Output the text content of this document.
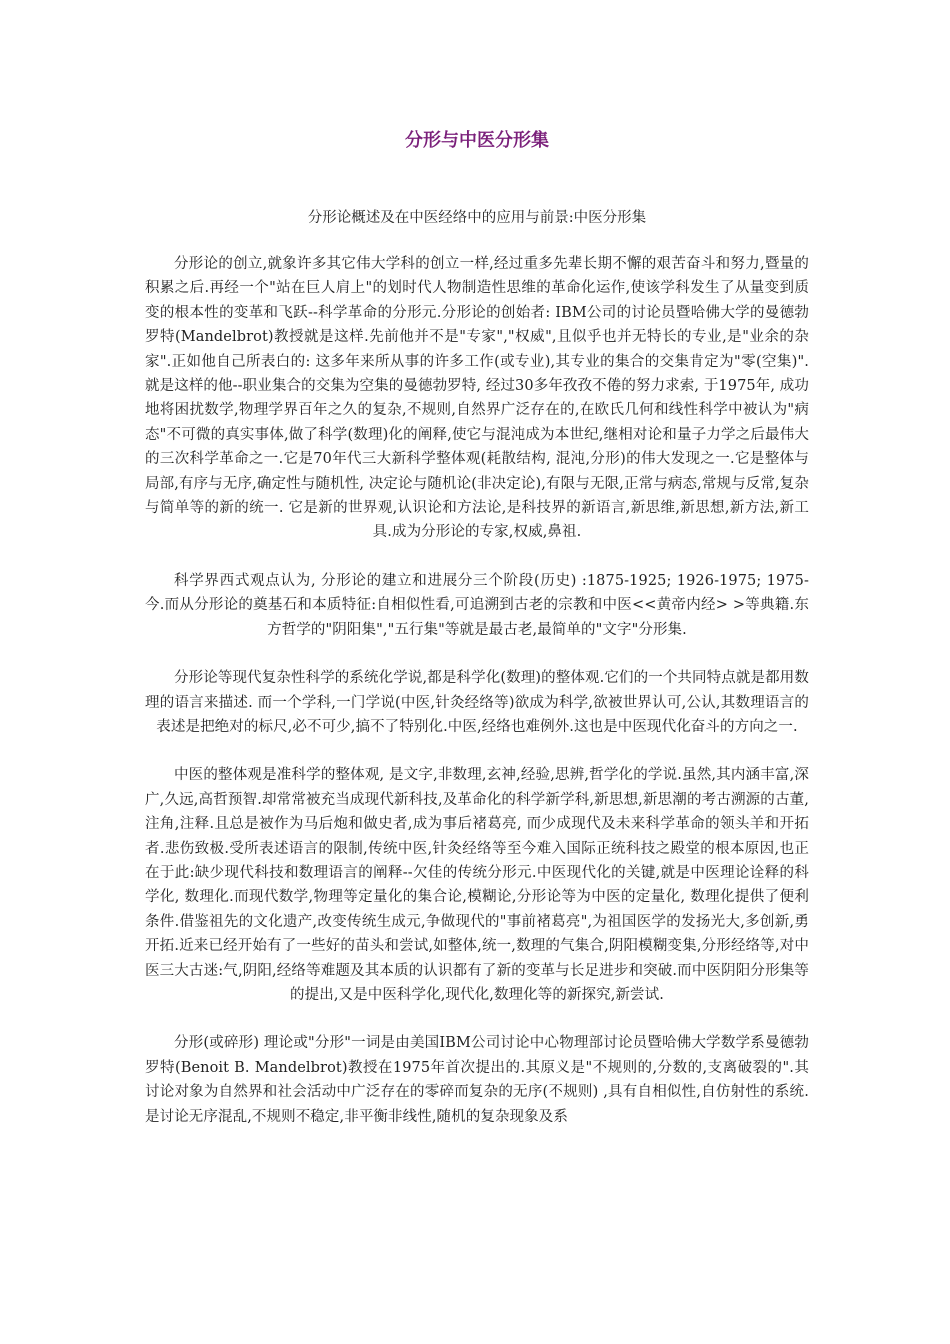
分形与中医分形集

分形论概述及在中医经络中的应用与前景:中医分形集

分形论的创立,就象许多其它伟大学科的创立一样,经过重多先辈长期不懈的艰苦奋斗和努力,暨量的积累之后.再经一个"站在巨人肩上"的划时代人物制造性思维的革命化运作,使该学科发生了从量变到质变的根本性的变革和飞跃--科学革命的分形元.分形论的创始者: IBM公司的讨论员暨哈佛大学的曼德勃罗特(Mandelbrot)教授就是这样.先前他并不是"专家","权威",且似乎也并无特长的专业,是"业余的杂家".正如他自己所表白的: 这多年来所从事的许多工作(或专业),其专业的集合的交集肯定为"零(空集)".就是这样的他--职业集合的交集为空集的曼德勃罗特, 经过30多年孜孜不倦的努力求索, 于1975年, 成功地将困扰数学,物理学界百年之久的复杂,不规则,自然界广泛存在的,在欧氏几何和线性科学中被认为"病态"不可微的真实事体,做了科学(数理)化的阐释,使它与混沌成为本世纪,继相对论和量子力学之后最伟大的三次科学革命之一.它是70年代三大新科学整体观(耗散结构, 混沌,分形)的伟大发现之一.它是整体与局部,有序与无序,确定性与随机性, 决定论与随机论(非决定论),有限与无限,正常与病态,常规与反常,复杂与简单等的新的统一. 它是新的世界观,认识论和方法论,是科技界的新语言,新思维,新思想,新方法,新工具.成为分形论的专家,权威,鼻祖.

科学界西式观点认为, 分形论的建立和进展分三个阶段(历史) :1875-1925; 1926-1975; 1975-今.而从分形论的奠基石和本质特征:自相似性看,可追溯到古老的宗教和中医<<黄帝内经> >等典籍.东方哲学的"阴阳集","五行集"等就是最古老,最简单的"文字"分形集.

分形论等现代复杂性科学的系统化学说,都是科学化(数理)的整体观.它们的一个共同特点就是都用数理的语言来描述. 而一个学科,一门学说(中医,针灸经络等)欲成为科学,欲被世界认可,公认,其数理语言的表述是把绝对的标尺,必不可少,搞不了特别化.中医,经络也难例外.这也是中医现代化奋斗的方向之一.

中医的整体观是准科学的整体观, 是文字,非数理,玄神,经验,思辨,哲学化的学说.虽然,其内涵丰富,深广,久远,高哲预智.却常常被充当成现代新科技,及革命化的科学新学科,新思想,新思潮的考古溯源的古董,注角,注释.且总是被作为马后炮和做史者,成为事后褚葛亮, 而少成现代及未来科学革命的领头羊和开拓者.悲伤致极.受所表述语言的限制,传统中医,针灸经络等至今难入国际正统科技之殿堂的根本原因,也正在于此:缺少现代科技和数理语言的阐释--欠佳的传统分形元.中医现代化的关键,就是中医理论诠释的科学化, 数理化.而现代数学,物理等定量化的集合论,模糊论,分形论等为中医的定量化, 数理化提供了便利条件.借鉴祖先的文化遗产,改变传统生成元,争做现代的"事前褚葛亮",为祖国医学的发扬光大,多创新,勇开拓.近来已经开始有了一些好的苗头和尝试,如整体,统一,数理的气集合,阴阳模糊变集,分形经络等,对中医三大古迷:气,阴阳,经络等难题及其本质的认识都有了新的变革与长足进步和突破.而中医阴阳分形集等的提出,又是中医科学化,现代化,数理化等的新探究,新尝试.

分形(或碎形) 理论或"分形"一词是由美国IBM公司讨论中心物理部讨论员暨哈佛大学数学系曼德勃罗特(Benoit B. Mandelbrot)教授在1975年首次提出的.其原义是"不规则的,分数的,支离破裂的".其讨论对象为自然界和社会活动中广泛存在的零碎而复杂的无序(不规则) ,具有自相似性,自仿射性的系统.是讨论无序混乱,不规则不稳定,非平衡非线性,随机的复杂现象及系
